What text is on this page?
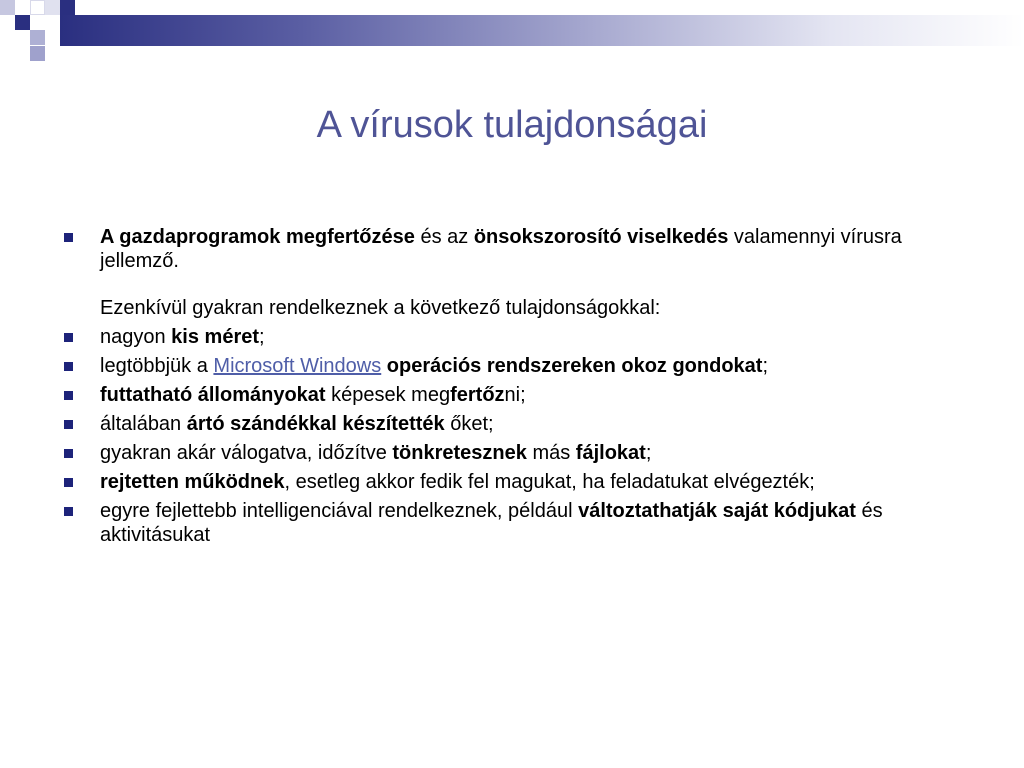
A vírusok tulajdonságai
A gazdaprogramok megfertőzése és az önsokszorosító viselkedés valamennyi vírusra jellemző.
Ezenkívül gyakran rendelkeznek a következő tulajdonságokkal:
nagyon kis méret;
legtöbbjük a Microsoft Windows operációs rendszereken okoz gondokat;
futtatható állományokat képesek megfertőzni;
általában ártó szándékkal készítették őket;
gyakran akár válogatva, időzítve tönkretesznek más fájlokat;
rejtetten működnek, esetleg akkor fedik fel magukat, ha feladatukat elvégezték;
egyre fejlettebb intelligenciával rendelkeznek, például változtathatják saját kódjukat és aktivitásukat
